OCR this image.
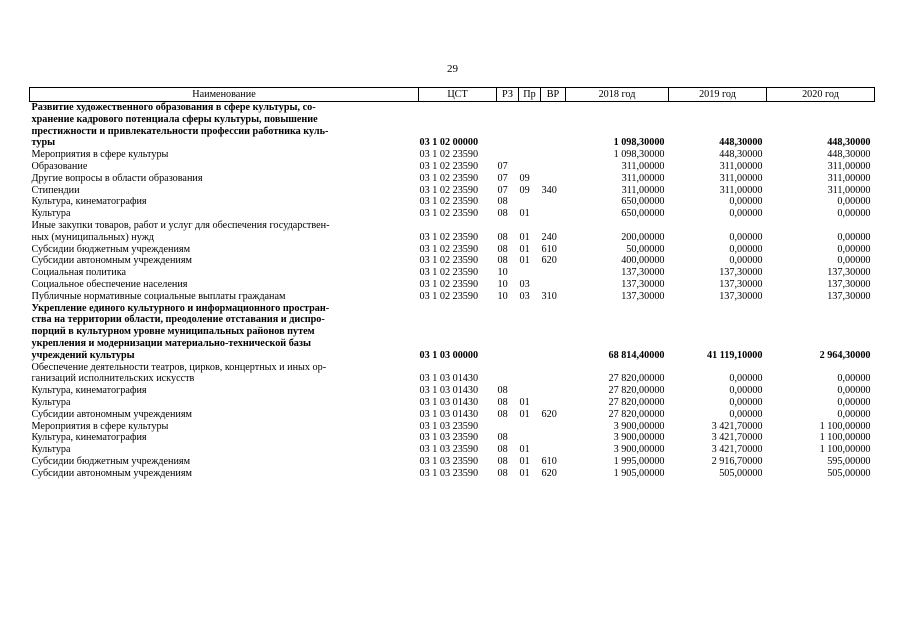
29
Наименование	ЦСТ	РЗ	Пр	ВР	2018 год	2019 год	2020 год
Развитие художественного образования в сфере культуры, со-
хранение кадрового потенциала сферы культуры, повышение
престижности и привлекательности профессии работника куль-
туры	03 1 02 00000				1 098,30000	448,30000	448,30000
Мероприятия в сфере культуры	03 1 02 23590				1 098,30000	448,30000	448,30000
Образование	03 1 02 23590	07			311,00000	311,00000	311,00000
Другие вопросы в области образования	03 1 02 23590	07	09		311,00000	311,00000	311,00000
Стипендии	03 1 02 23590	07	09	340	311,00000	311,00000	311,00000
Культура, кинематография	03 1 02 23590	08			650,00000	0,00000	0,00000
Культура	03 1 02 23590	08	01		650,00000	0,00000	0,00000
Иные закупки товаров, работ и услуг для обеспечения государствен-
ных (муниципальных) нужд	03 1 02 23590	08	01	240	200,00000	0,00000	0,00000
Субсидии бюджетным учреждениям	03 1 02 23590	08	01	610	50,00000	0,00000	0,00000
Субсидии автономным учреждениям	03 1 02 23590	08	01	620	400,00000	0,00000	0,00000
Социальная политика	03 1 02 23590	10			137,30000	137,30000	137,30000
Социальное обеспечение населения	03 1 02 23590	10	03		137,30000	137,30000	137,30000
Публичные нормативные социальные выплаты гражданам	03 1 02 23590	10	03	310	137,30000	137,30000	137,30000
Укрепление единого культурного и информационного простран-
ства на территории области, преодоление отставания и диспро-
порций в культурном уровне муниципальных районов путем
укрепления и модернизации материально-технической базы
учреждений культуры	03 1 03 00000				68 814,40000	41 119,10000	2 964,30000
Обеспечение деятельности театров, цирков, концертных и иных ор-
ганизаций исполнительских искусств	03 1 03 01430				27 820,00000	0,00000	0,00000
Культура, кинематография	03 1 03 01430	08			27 820,00000	0,00000	0,00000
Культура	03 1 03 01430	08	01		27 820,00000	0,00000	0,00000
Субсидии автономным учреждениям	03 1 03 01430	08	01	620	27 820,00000	0,00000	0,00000
Мероприятия в сфере культуры	03 1 03 23590				3 900,00000	3 421,70000	1 100,00000
Культура, кинематография	03 1 03 23590	08			3 900,00000	3 421,70000	1 100,00000
Культура	03 1 03 23590	08	01		3 900,00000	3 421,70000	1 100,00000
Субсидии бюджетным учреждениям	03 1 03 23590	08	01	610	1 995,00000	2 916,70000	595,00000
Субсидии автономным учреждениям	03 1 03 23590	08	01	620	1 905,00000	505,00000	505,00000
